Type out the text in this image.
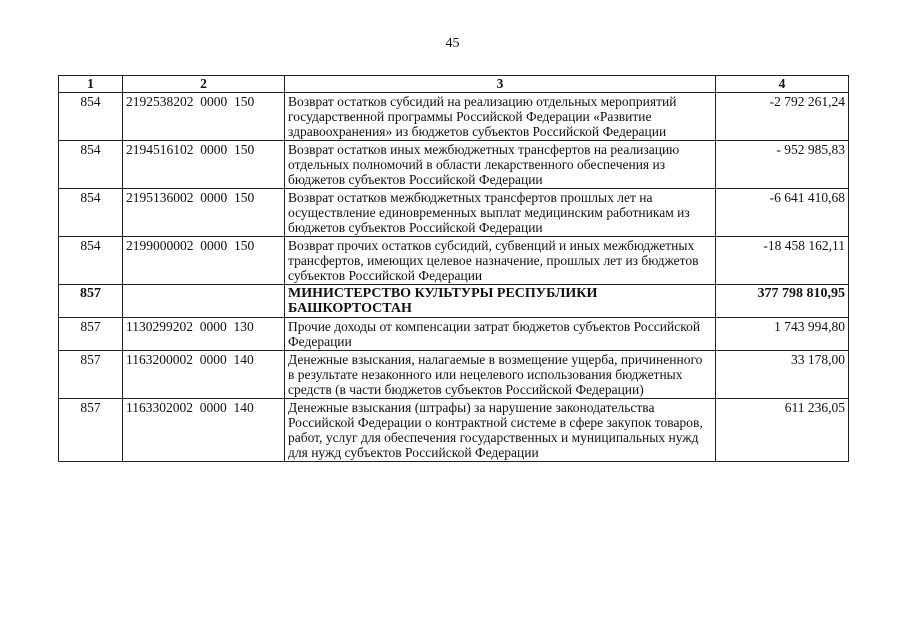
45
1	2	3	4
854	2192538202  0000  150	Возврат остатков субсидий на реализацию отдельных мероприятий государственной программы Российской Федерации «Развитие здравоохранения» из бюджетов субъектов Российской Федерации	-2 792 261,24
854	2194516102  0000  150	Возврат остатков иных межбюджетных трансфертов на реализацию отдельных полномочий в области лекарственного обеспечения из бюджетов субъектов Российской Федерации	- 952 985,83
854	2195136002  0000  150	Возврат остатков межбюджетных трансфертов прошлых лет на осуществление единовременных выплат медицинским работникам из бюджетов субъектов Российской Федерации	-6 641 410,68
854	2199000002  0000  150	Возврат прочих остатков субсидий, субвенций и иных межбюджетных трансфертов, имеющих целевое назначение, прошлых лет из бюджетов субъектов Российской Федерации	-18 458 162,11
857		МИНИСТЕРСТВО КУЛЬТУРЫ РЕСПУБЛИКИ БАШКОРТОСТАН	377 798 810,95
857	1130299202  0000  130	Прочие доходы от компенсации затрат бюджетов субъектов Российской Федерации	1 743 994,80
857	1163200002  0000  140	Денежные взыскания, налагаемые в возмещение ущерба, причиненного в результате незаконного или нецелевого использования бюджетных средств (в части бюджетов субъектов Российской Федерации)	33 178,00
857	1163302002  0000  140	Денежные взыскания (штрафы) за нарушение законодательства Российской Федерации о контрактной системе в сфере закупок товаров, работ, услуг для обеспечения государственных и муниципальных нужд для нужд субъектов Российской Федерации	611 236,05
